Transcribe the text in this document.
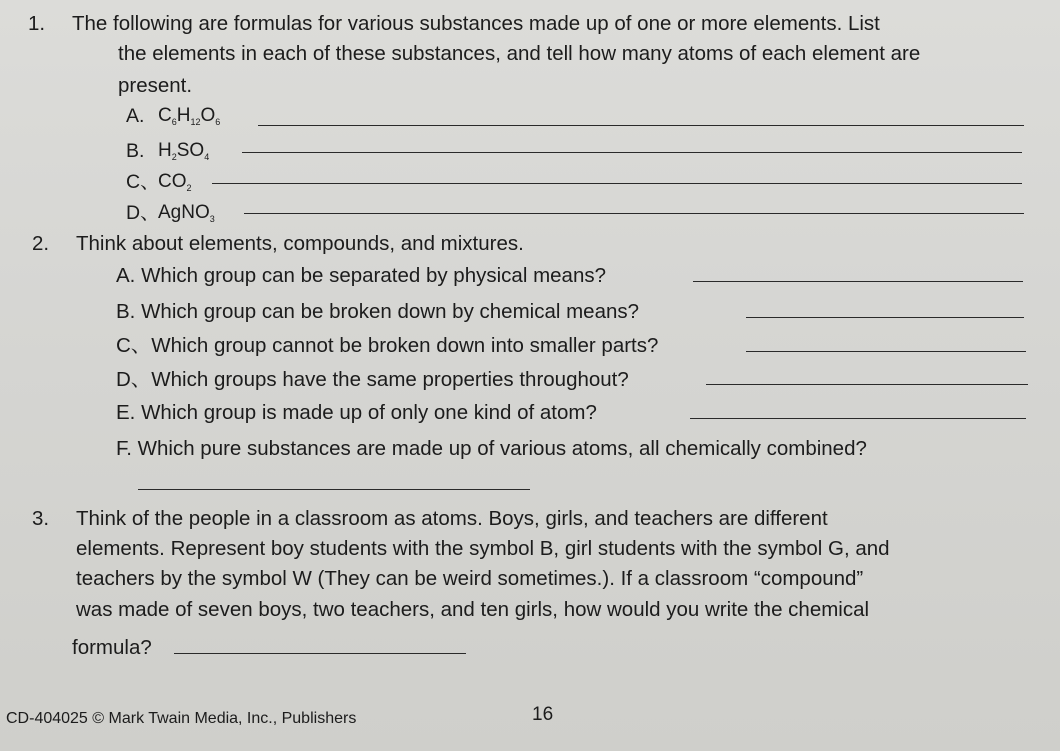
1. The following are formulas for various substances made up of one or more elements. List
the elements in each of these substances, and tell how many atoms of each element are
present.
A. $C_6H_{12}O_6$
B. $H_2SO_4$
C、
$CO_2$
D、
AgNO$_3$
2. Think about elements, compounds, and mixtures.
A. Which group can be separated by physical means?
B. Which group can be broken down by chemical means?
C、Which group cannot be broken down into smaller parts?
D、Which groups have the same properties throughout?
E. Which group is made up of only one kind of atom?
F. Which pure substances are made up of various atoms, all chemically combined?
3. Think of the people in a classroom as atoms. Boys, girls, and teachers are different
elements. Represent boy students with the symbol B, girl students with the symbol G, and
teachers by the symbol W (They can be weird sometimes.). If a classroom “compound”
was made of seven boys, two teachers, and ten girls, how would you write the chemical
formula?
CD-404025 © Mark Twain Media, Inc., Publishers	16
